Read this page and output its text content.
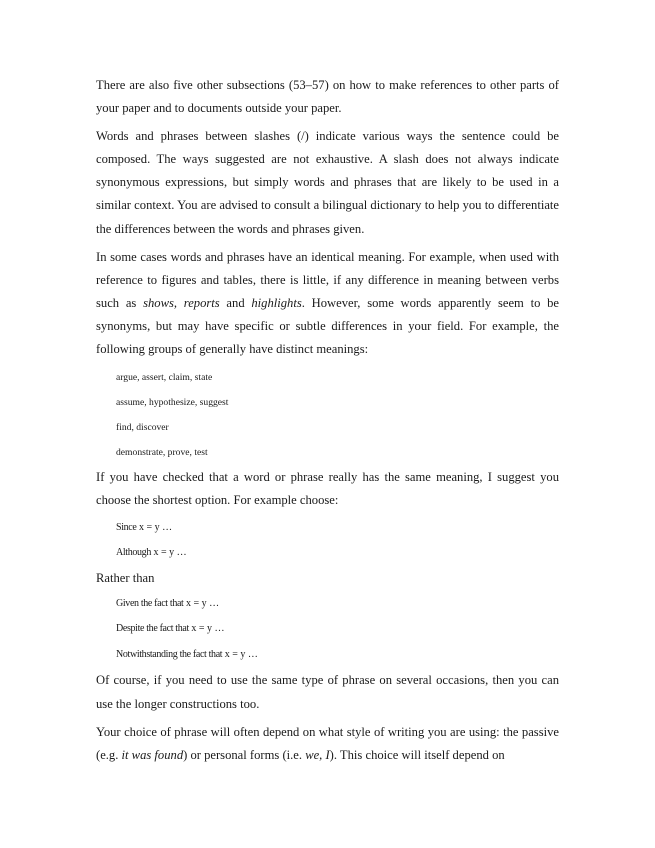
There are also five other subsections (53–57) on how to make references to other parts of your paper and to documents outside your paper.

Words and phrases between slashes (/) indicate various ways the sentence could be composed. The ways suggested are not exhaustive. A slash does not always indicate synonymous expressions, but simply words and phrases that are likely to be used in a similar context. You are advised to consult a bilingual dictionary to help you to differentiate the differences between the words and phrases given.

In some cases words and phrases have an identical meaning. For example, when used with reference to figures and tables, there is little, if any difference in meaning between verbs such as shows, reports and highlights. However, some words apparently seem to be synonyms, but may have specific or subtle differences in your field. For example, the following groups of generally have distinct meanings:

argue, assert, claim, state
assume, hypothesize, suggest
find, discover
demonstrate, prove, test

If you have checked that a word or phrase really has the same meaning, I suggest you choose the shortest option. For example choose:

Since x = y …
Although x = y …

Rather than

Given the fact that x = y …
Despite the fact that x = y …
Notwithstanding the fact that x = y …

Of course, if you need to use the same type of phrase on several occasions, then you can use the longer constructions too.

Your choice of phrase will often depend on what style of writing you are using: the passive (e.g. it was found) or personal forms (i.e. we, I). This choice will itself depend on
